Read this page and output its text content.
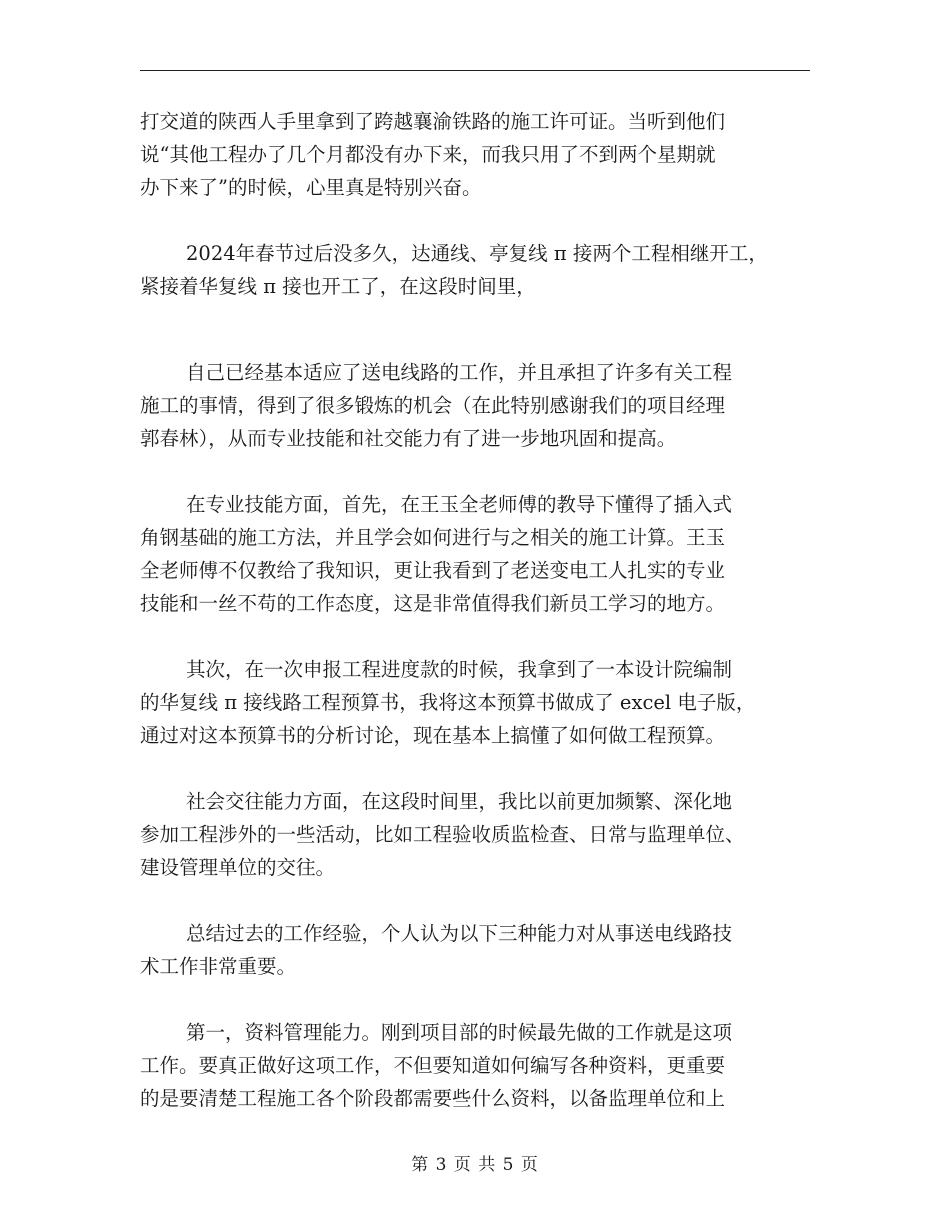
打交道的陕西人手里拿到了跨越襄渝铁路的施工许可证。当听到他们
说“其他工程办了几个月都没有办下来，而我只用了不到两个星期就
办下来了”的时候，心里真是特别兴奋。

2024年春节过后没多久，达通线、亭复线 π 接两个工程相继开工，
紧接着华复线 π 接也开工了，在这段时间里，

自己已经基本适应了送电线路的工作，并且承担了许多有关工程
施工的事情，得到了很多锻炼的机会（在此特别感谢我们的项目经理
郭春林），从而专业技能和社交能力有了进一步地巩固和提高。

在专业技能方面，首先，在王玉全老师傅的教导下懂得了插入式
角钢基础的施工方法，并且学会如何进行与之相关的施工计算。王玉
全老师傅不仅教给了我知识，更让我看到了老送变电工人扎实的专业
技能和一丝不苟的工作态度，这是非常值得我们新员工学习的地方。

其次，在一次申报工程进度款的时候，我拿到了一本设计院编制
的华复线 π 接线路工程预算书，我将这本预算书做成了 excel 电子版，
通过对这本预算书的分析讨论，现在基本上搞懂了如何做工程预算。

社会交往能力方面，在这段时间里，我比以前更加频繁、深化地
参加工程涉外的一些活动，比如工程验收质监检查、日常与监理单位、
建设管理单位的交往。

总结过去的工作经验，个人认为以下三种能力对从事送电线路技
术工作非常重要。

第一，资料管理能力。刚到项目部的时候最先做的工作就是这项
工作。要真正做好这项工作，不但要知道如何编写各种资料，更重要
的是要清楚工程施工各个阶段都需要些什么资料，以备监理单位和上

第 3 页 共 5 页
